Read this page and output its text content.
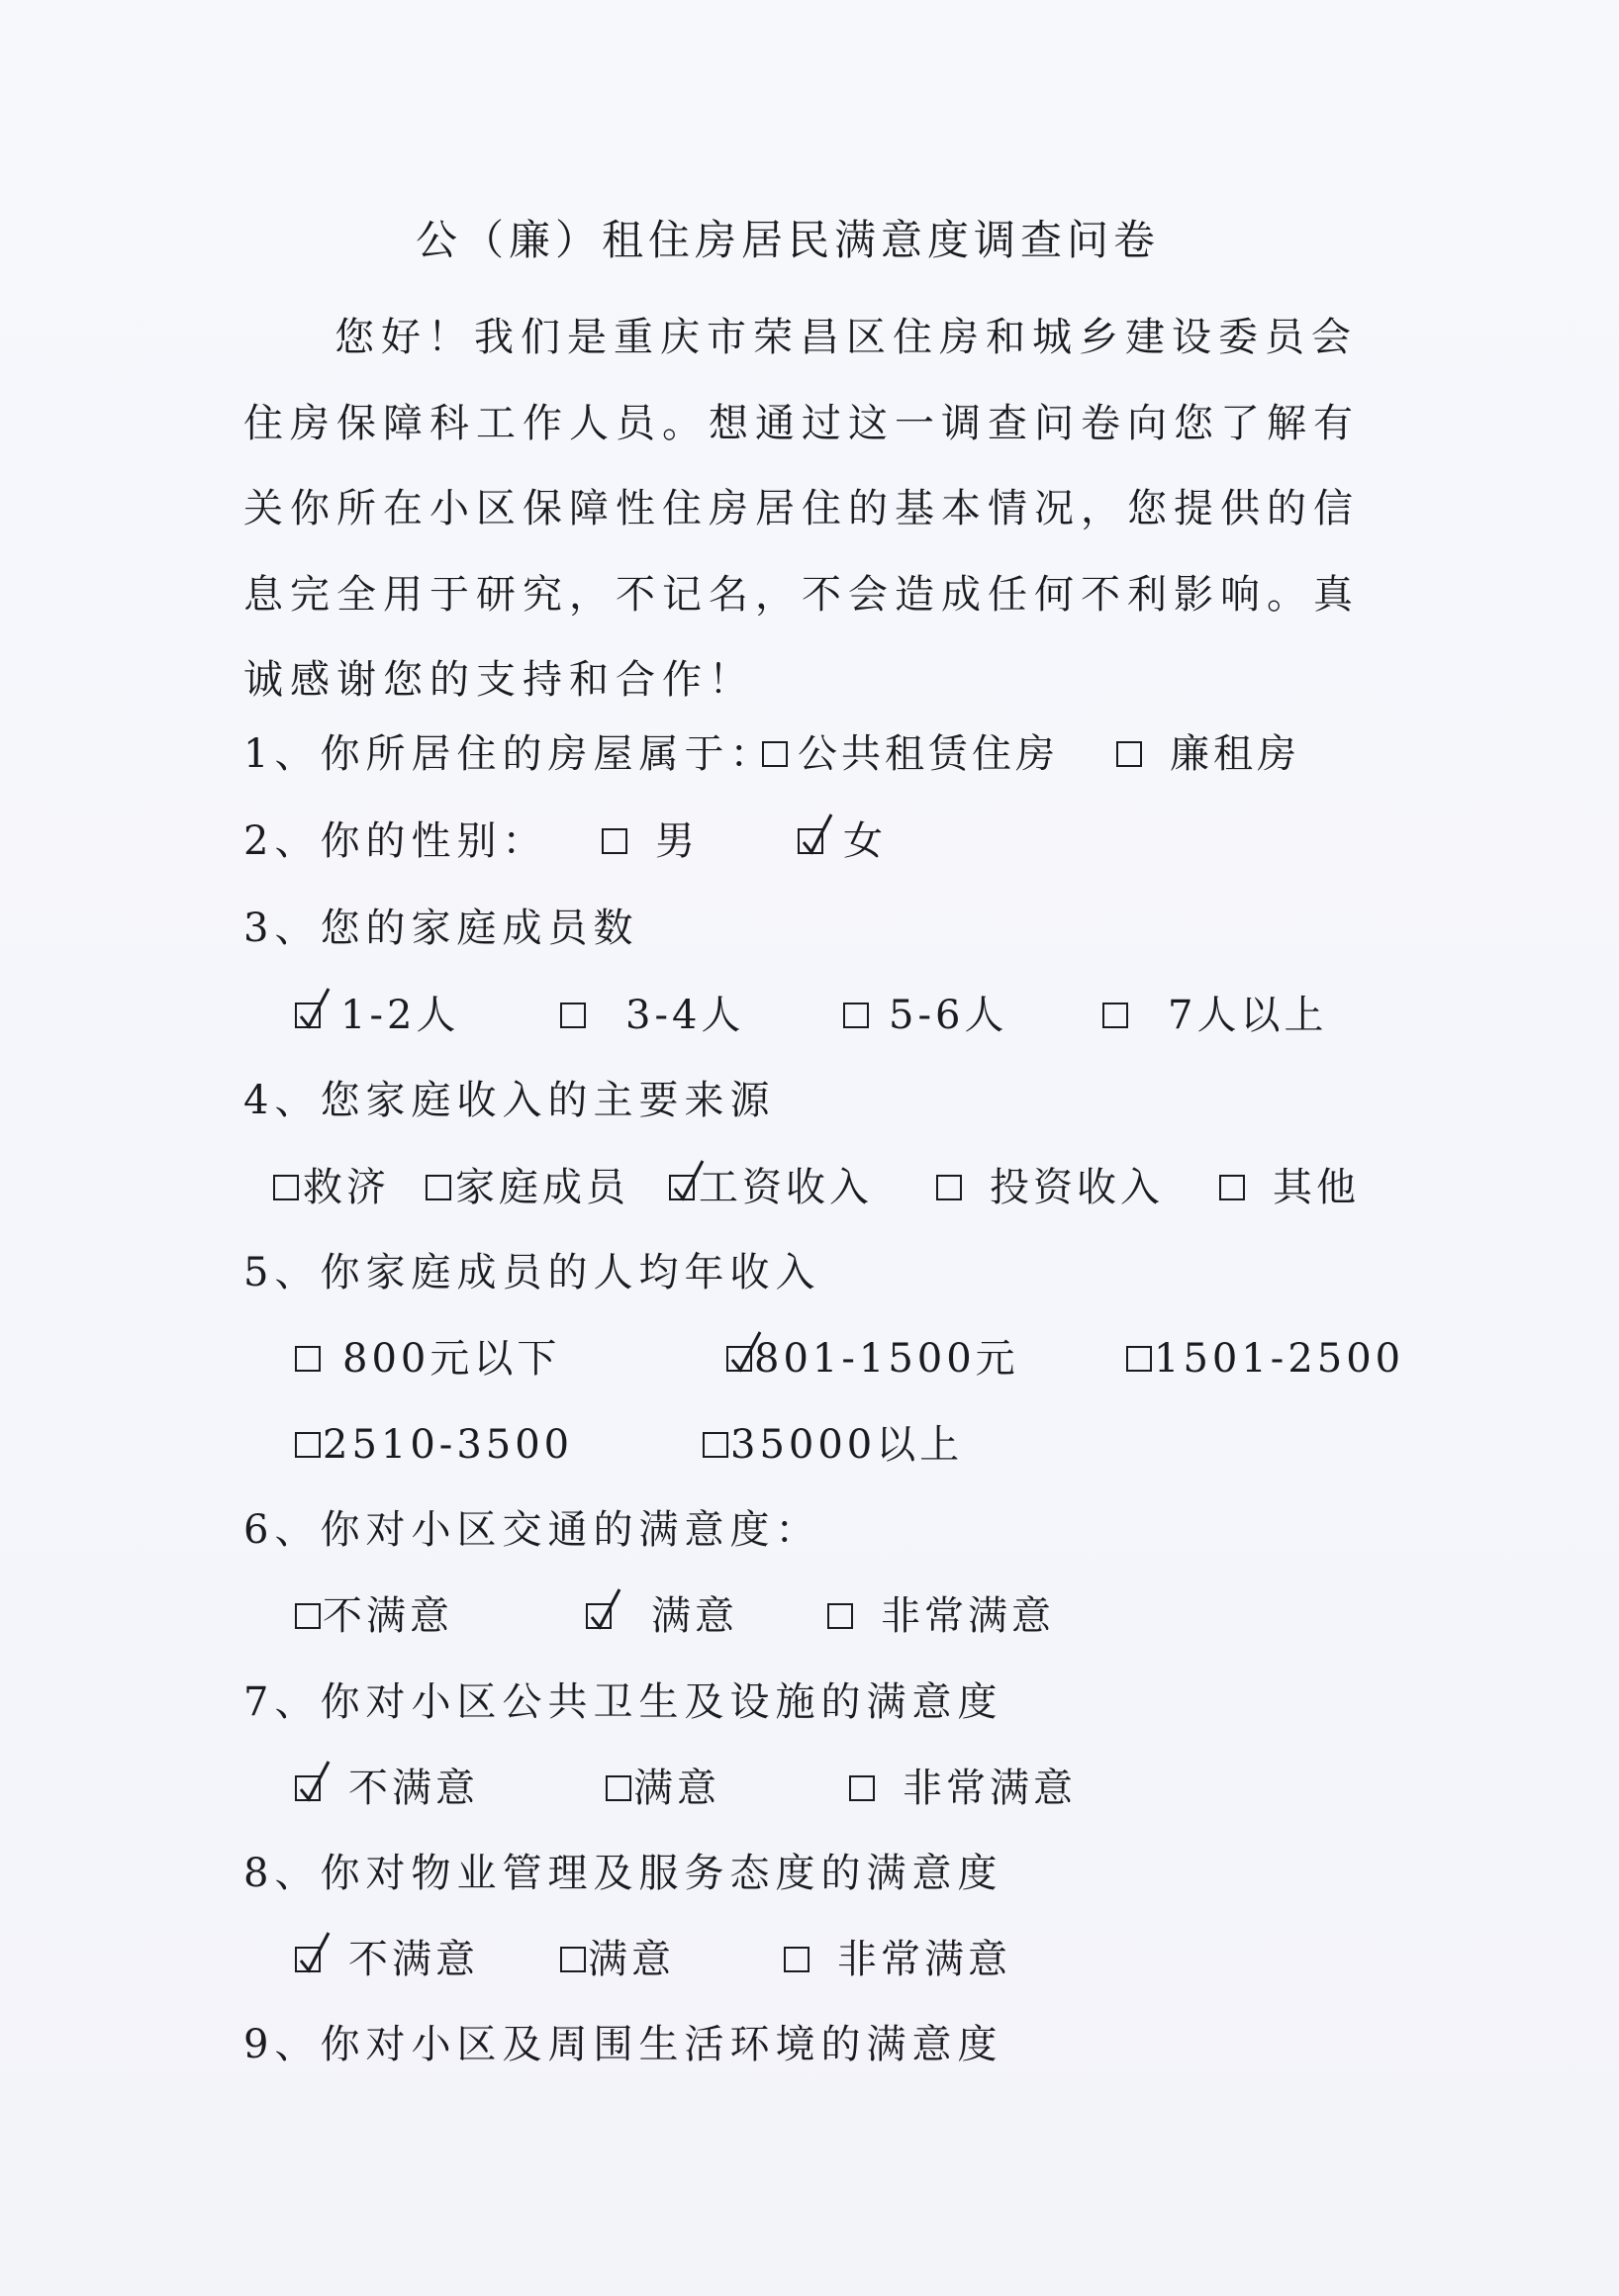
公（廉）租住房居民满意度调查问卷
您好！我们是重庆市荣昌区住房和城乡建设委员会住房保障科工作人员。想通过这一调查问卷向您了解有关你所在小区保障性住房居住的基本情况，您提供的信息完全用于研究，不记名，不会造成任何不利影响。真诚感谢您的支持和合作！
1、你所居住的房屋属于： 公共租赁住房	廉租房
2、你的性别：	男	女
3、您的家庭成员数
1-2人	3-4人	5-6人	7人以上
4、您家庭收入的主要来源
救济 家庭成员 工资收入	投资收入	其他
5、你家庭成员的人均年收入
800元以下	801-1500元	1501-2500
2510-3500	35000以上
6、你对小区交通的满意度：
不满意	满意	非常满意
7、你对小区公共卫生及设施的满意度
不满意	满意	非常满意
8、你对物业管理及服务态度的满意度
不满意	满意	非常满意
9、你对小区及周围生活环境的满意度
